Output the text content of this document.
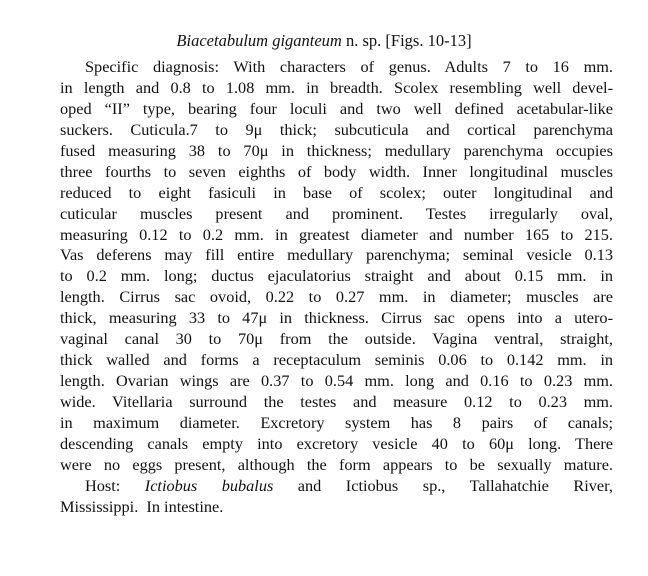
Biacetabulum giganteum n. sp. [Figs. 10-13]
Specific diagnosis: With characters of genus. Adults 7 to 16 mm.
in length and 0.8 to 1.08 mm. in breadth. Scolex resembling well devel-
oped “II” type, bearing four loculi and two well defined acetabular-like
suckers. Cuticula.7 to 9μ thick; subcuticula and cortical parenchyma
fused measuring 38 to 70μ in thickness; medullary parenchyma occupies
three fourths to seven eighths of body width. Inner longitudinal muscles
reduced to eight fasiculi in base of scolex; outer longitudinal and
cuticular muscles present and prominent. Testes irregularly oval,
measuring 0.12 to 0.2 mm. in greatest diameter and number 165 to 215.
Vas deferens may fill entire medullary parenchyma; seminal vesicle 0.13
to 0.2 mm. long; ductus ejaculatorius straight and about 0.15 mm. in
length. Cirrus sac ovoid, 0.22 to 0.27 mm. in diameter; muscles are
thick, measuring 33 to 47μ in thickness. Cirrus sac opens into a utero-
vaginal canal 30 to 70μ from the outside. Vagina ventral, straight,
thick walled and forms a receptaculum seminis 0.06 to 0.142 mm. in
length. Ovarian wings are 0.37 to 0.54 mm. long and 0.16 to 0.23 mm.
wide. Vitellaria surround the testes and measure 0.12 to 0.23 mm.
in maximum diameter. Excretory system has 8 pairs of canals;
descending canals empty into excretory vesicle 40 to 60μ long. There
were no eggs present, although the form appears to be sexually mature.
Host: Ictiobus bubalus and Ictiobus sp., Tallahatchie River,
Mississippi.  In intestine.
